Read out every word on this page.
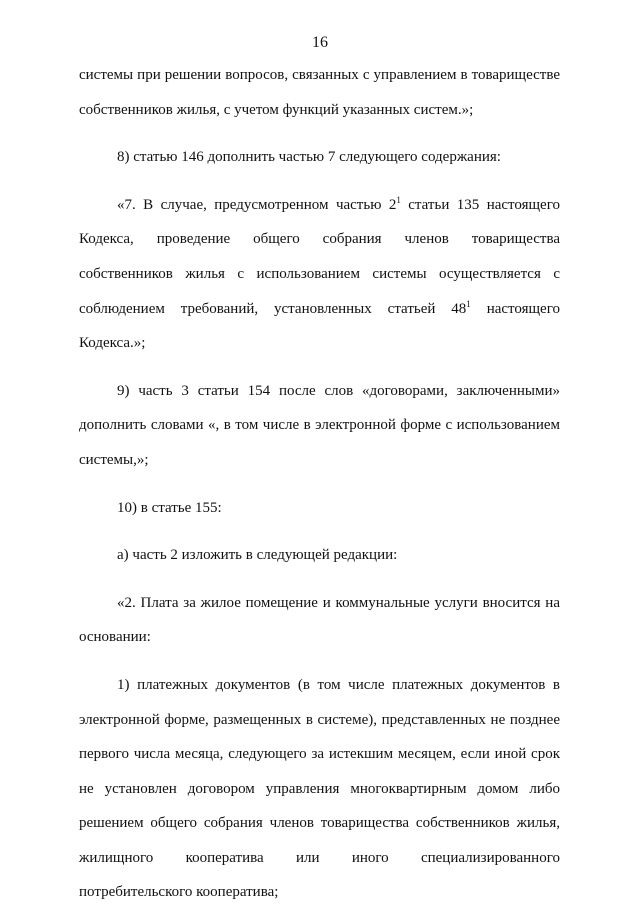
16

системы при решении вопросов, связанных с управлением в товариществе собственников жилья, с учетом функций указанных систем.»;

8) статью 146 дополнить частью 7 следующего содержания:

«7. В случае, предусмотренном частью $2^1$ статьи 135 настоящего Кодекса, проведение общего собрания членов товарищества собственников жилья с использованием системы осуществляется с соблюдением требований, установленных статьей $48^1$ настоящего Кодекса.»;

9) часть 3 статьи 154 после слов «договорами, заключенными» дополнить словами «, в том числе в электронной форме с использованием системы,»;

10) в статье 155:

а) часть 2 изложить в следующей редакции:

«2. Плата за жилое помещение и коммунальные услуги вносится на основании:

1) платежных документов (в том числе платежных документов в электронной форме, размещенных в системе), представленных не позднее первого числа месяца, следующего за истекшим месяцем, если иной срок не установлен договором управления многоквартирным домом либо решением общего собрания членов товарищества собственников жилья, жилищного кооператива или иного специализированного потребительского кооператива;
